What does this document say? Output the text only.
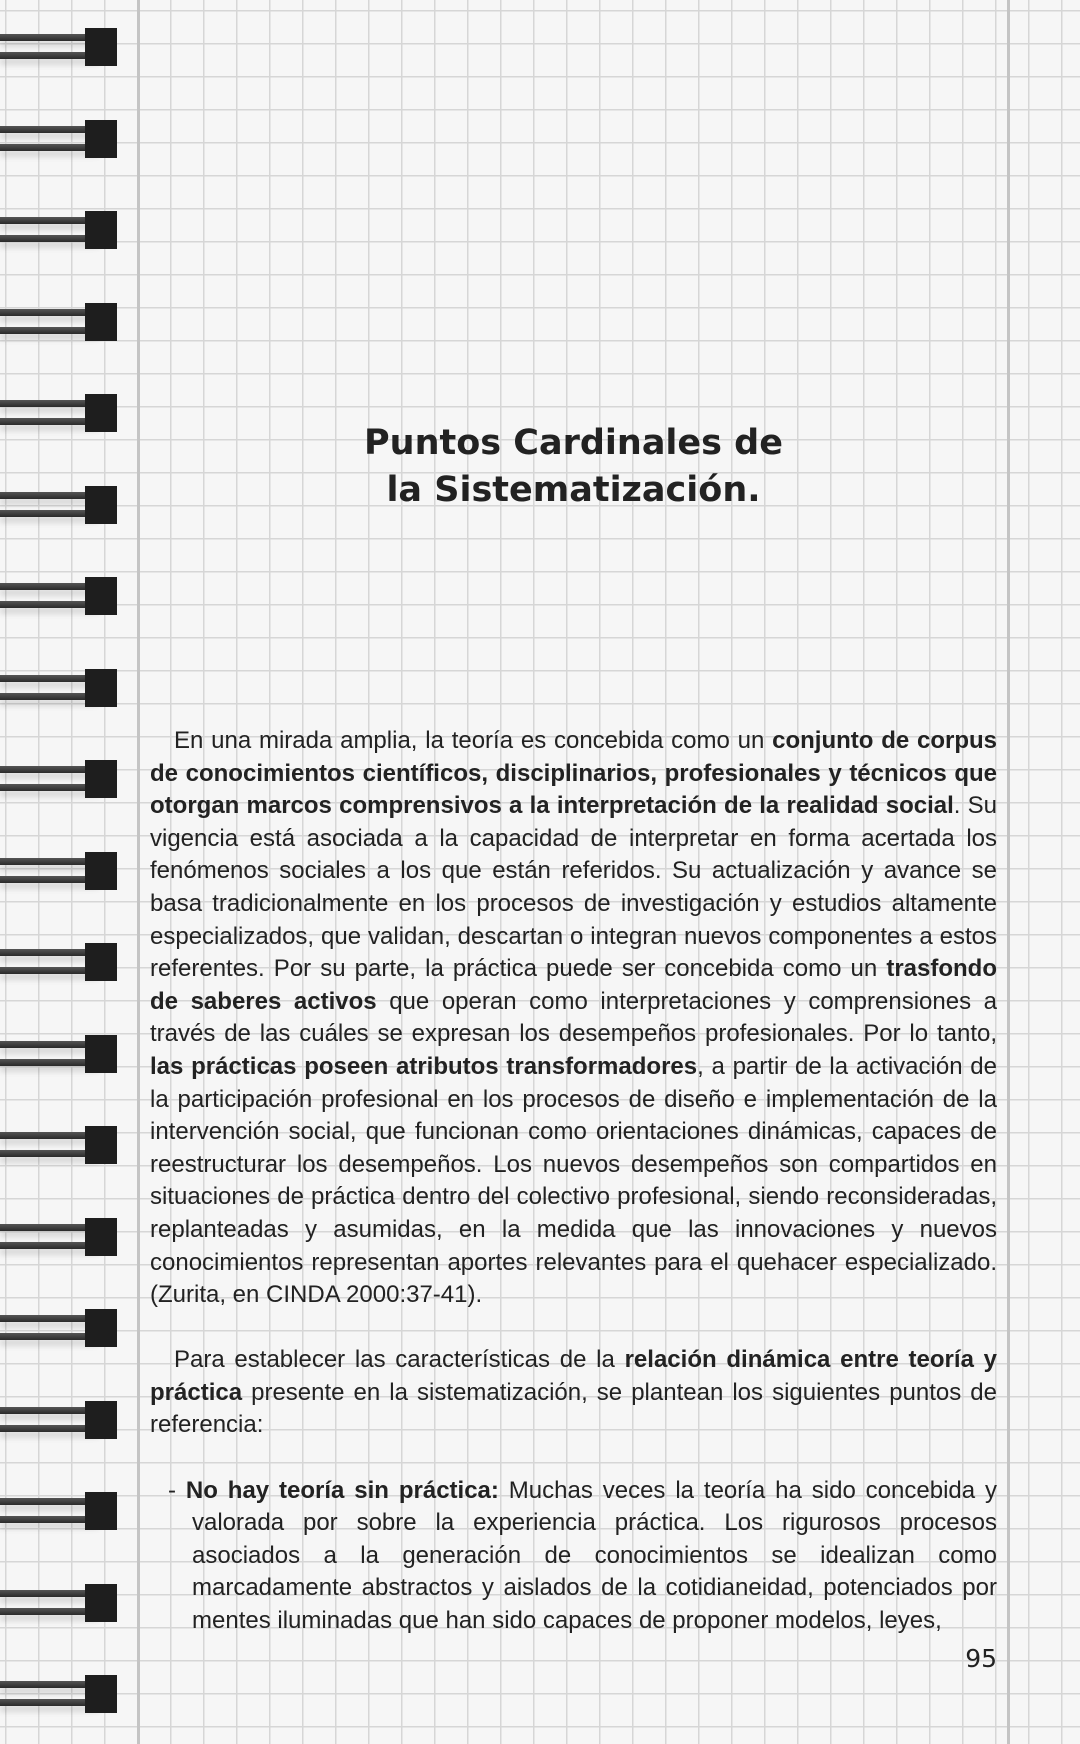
Puntos Cardinales de
la Sistematización.

En una mirada amplia, la teoría es concebida como un conjunto de corpus de conocimientos científicos, disciplinarios, profesionales y técnicos que otorgan marcos comprensivos a la interpretación de la realidad social. Su vigencia está asociada a la capacidad de interpretar en forma acertada los fenómenos sociales a los que están referidos. Su actualización y avance se basa tradicionalmente en los procesos de investigación y estudios altamente especializados, que validan, descartan o integran nuevos componentes a estos referentes. Por su parte, la práctica puede ser concebida como un trasfondo de saberes activos que operan como interpretaciones y comprensiones a través de las cuáles se expresan los desempeños profesionales. Por lo tanto, las prácticas poseen atributos transformadores, a partir de la activación de la participación profesional en los procesos de diseño e implementación de la intervención social, que funcionan como orientaciones dinámicas, capaces de reestructurar los desempeños. Los nuevos desempeños son compartidos en situaciones de práctica dentro del colectivo profesional, siendo reconsideradas, replanteadas y asumidas, en la medida que las innovaciones y nuevos conocimientos representan aportes relevantes para el quehacer especializado. (Zurita, en CINDA 2000:37-41).

Para establecer las características de la relación dinámica entre teoría y práctica presente en la sistematización, se plantean los siguientes puntos de referencia:

- No hay teoría sin práctica: Muchas veces la teoría ha sido concebida y valorada por sobre la experiencia práctica. Los rigurosos procesos asociados a la generación de conocimientos se idealizan como marcadamente abstractos y aislados de la cotidianeidad, potenciados por mentes iluminadas que han sido capaces de proponer modelos, leyes,

95
